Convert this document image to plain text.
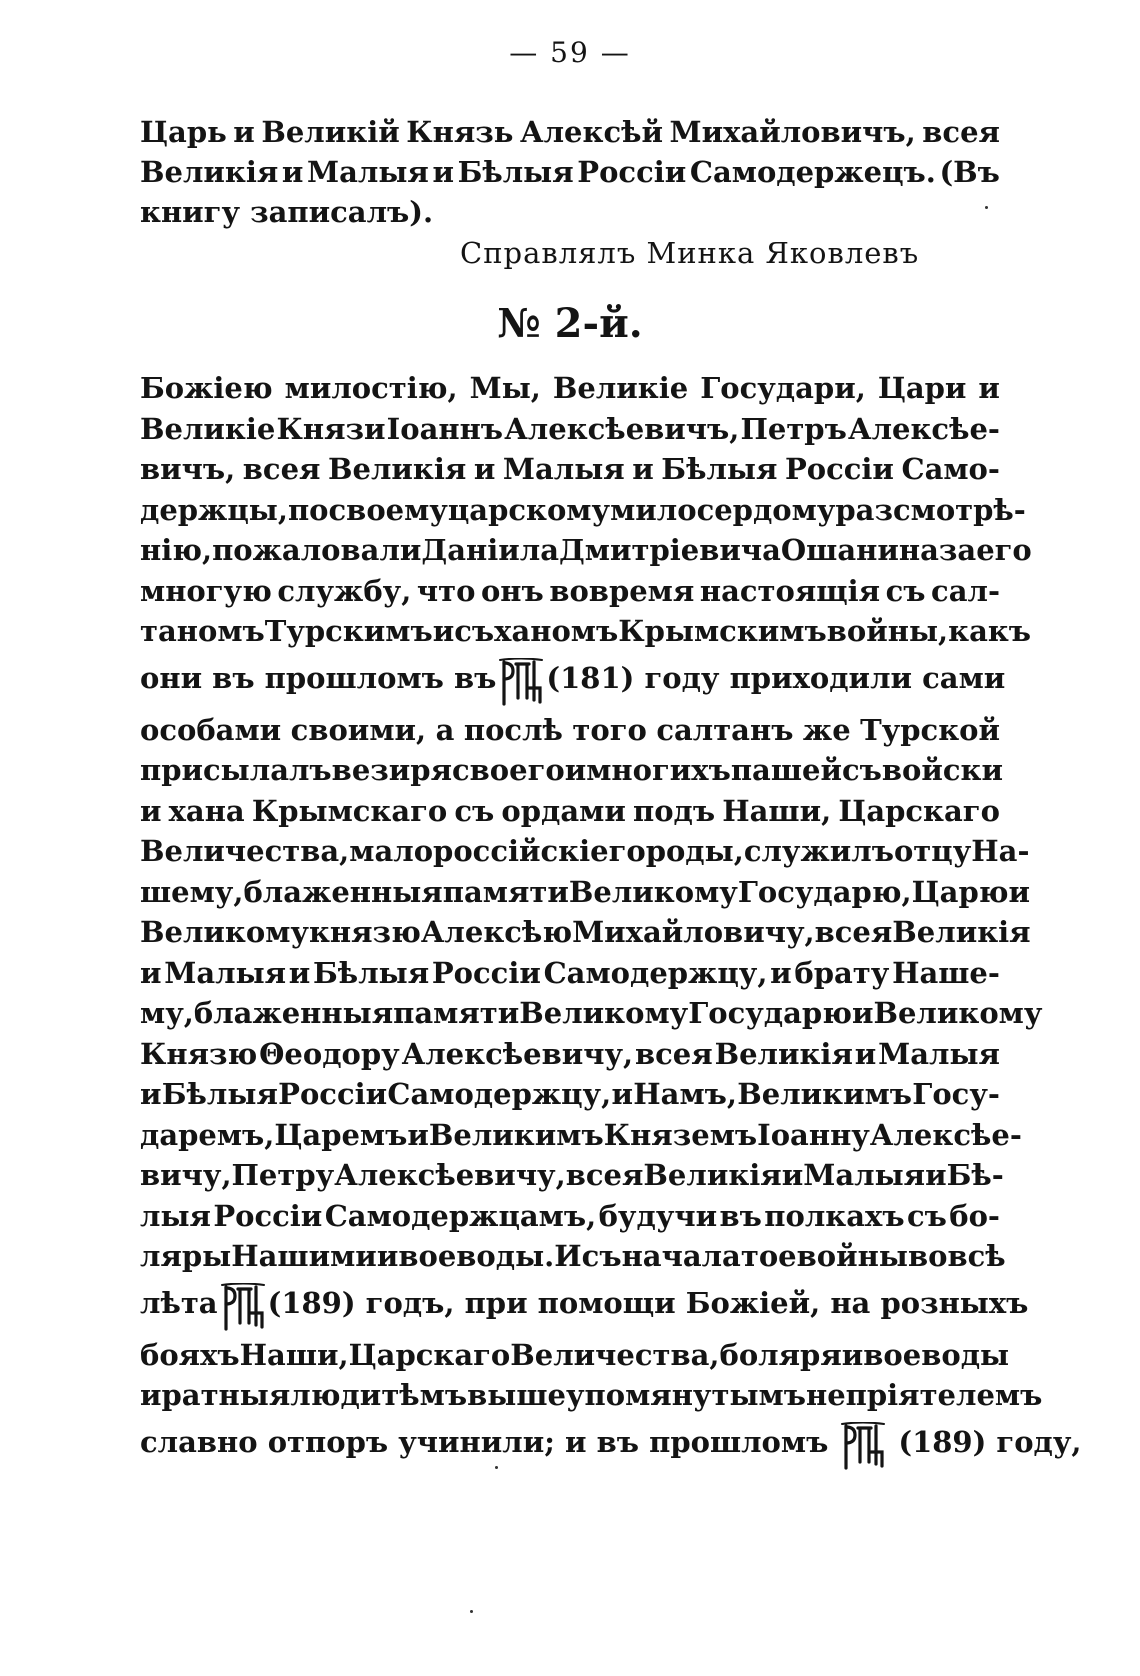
— 59 —
Царь и Великій Князь Алексѣй Михайловичъ, всея
Великія и Малыя и Бѣлыя Россіи Самодержецъ. (Въ
книгу записалъ).
Справлялъ Минка Яковлевъ
№ 2-й.
Божіею милостію, Мы, Великіе Государи, Цари и
Великіе Князи Іоаннъ Алексѣевичъ, Петръ Алексѣе-
вичъ, всея Великія и Малыя и Бѣлыя Россіи Само-
держцы, по своему царскому милосердому разсмотрѣ-
нію, пожаловали Даніила Дмитріевича Ошанина за его
многую службу, что онъ вовремя настоящія съ сал-
таномъ Турскимъ и съ ханомъ Крымскимъ войны, какъ
они въ прошломъ въ (181) году приходили сами
особами своими, а послѣ того салтанъ же Турской
присылалъ везиря своего и многихъ пашей съ войски
и хана Крымскаго съ ордами подъ Наши, Царскаго
Величества, малороссійскіе городы, служилъ отцу На-
шему, блаженныя памяти Великому Государю, Царю и
Великому князю Алексѣю Михайловичу, всея Великія
и Малыя и Бѣлыя Россіи Самодержцу, и брату Наше-
му, блаженныя памяти Великому Государю и Великому
Князю Θеодору Алексѣевичу, всея Великія и Малыя
и Бѣлыя Россіи Самодержцу, и Намъ, Великимъ Госу-
даремъ, Царемъ и Великимъ Княземъ Іоанну Алексѣе-
вичу, Петру Алексѣевичу, всея Великія и Малыя и Бѣ-
лыя Россіи Самодержцамъ, будучи въ полкахъ съ бо-
ляры Нашими и воеводы. И съ начала тое войны во всѣ
лѣта (189) годъ, при помощи Божіей, на розныхъ
бояхъ Наши, Царскаго Величества, боляря и воеводы
и ратныя люди тѣмъ вышеупомянутымъ непріятелемъ
славно отпоръ учинили; и въ прошломъ (189) году,
